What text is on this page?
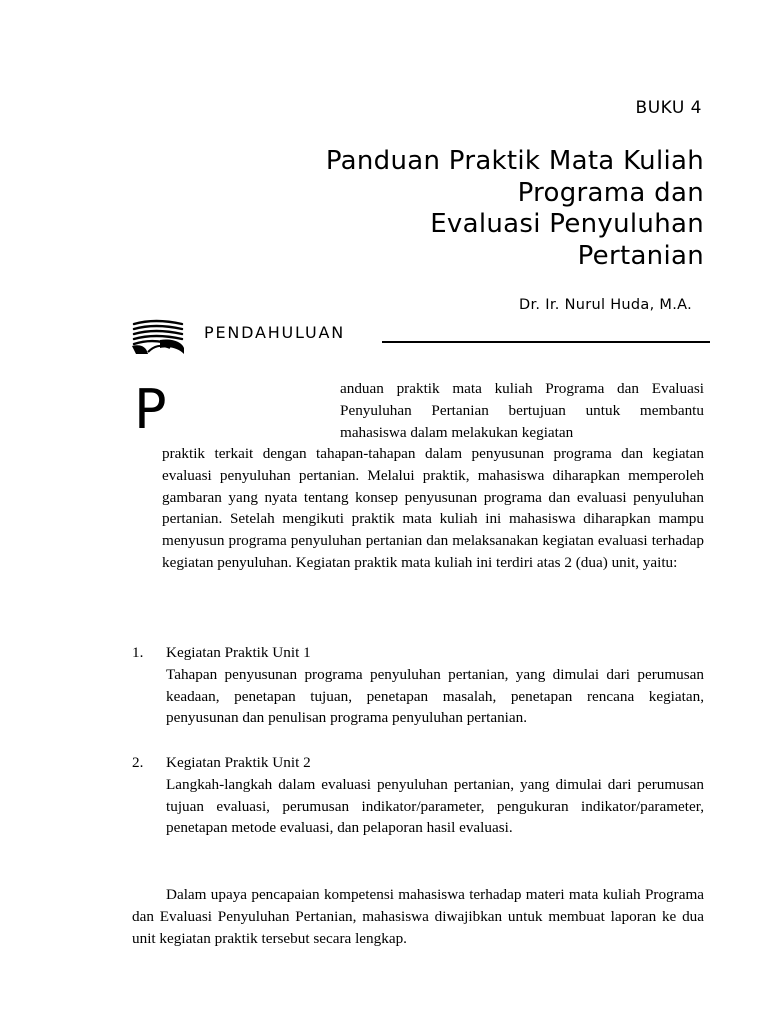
BUKU 4
Panduan Praktik Mata Kuliah
Programa dan
Evaluasi Penyuluhan
Pertanian
Dr. Ir. Nurul Huda, M.A.
PENDAHULUAN
P	anduan praktik mata kuliah Programa dan Evaluasi Penyuluhan Pertanian bertujuan untuk membantu mahasiswa dalam melakukan kegiatan

praktik terkait dengan tahapan-tahapan dalam penyusunan programa dan kegiatan evaluasi penyuluhan pertanian. Melalui praktik, mahasiswa diharapkan memperoleh gambaran yang nyata tentang konsep penyusunan programa dan evaluasi penyuluhan pertanian. Setelah mengikuti praktik mata kuliah ini mahasiswa diharapkan mampu menyusun programa penyuluhan pertanian dan melaksanakan kegiatan evaluasi terhadap kegiatan penyuluhan. Kegiatan praktik mata kuliah ini terdiri atas 2 (dua) unit, yaitu:

1. Kegiatan Praktik Unit 1

Tahapan penyusunan programa penyuluhan pertanian, yang dimulai dari perumusan keadaan, penetapan tujuan, penetapan masalah, penetapan rencana kegiatan, penyusunan dan penulisan programa penyuluhan pertanian.

2. Kegiatan Praktik Unit 2

Langkah-langkah dalam evaluasi penyuluhan pertanian, yang dimulai dari perumusan tujuan evaluasi, perumusan indikator/parameter, pengukuran indikator/parameter, penetapan metode evaluasi, dan pelaporan hasil evaluasi.

Dalam upaya pencapaian kompetensi mahasiswa terhadap materi mata kuliah Programa dan Evaluasi Penyuluhan Pertanian, mahasiswa diwajibkan untuk membuat laporan ke dua unit kegiatan praktik tersebut secara lengkap.
